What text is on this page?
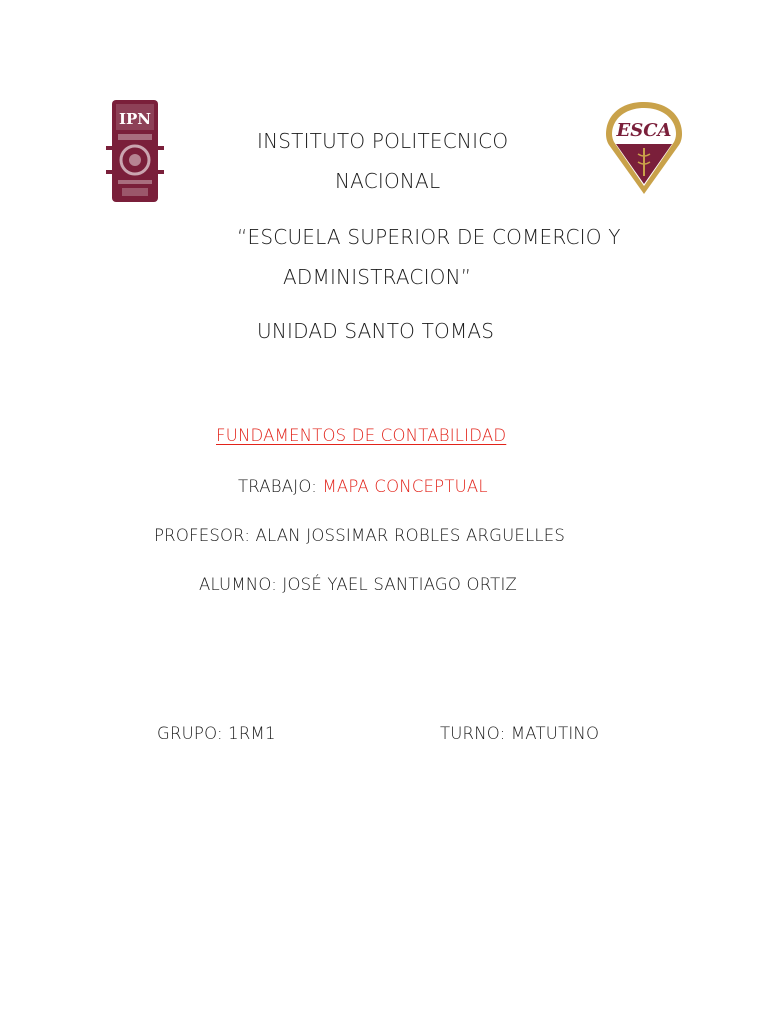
IPN
ESCA
INSTITUTO POLITECNICO
NACIONAL
“ESCUELA SUPERIOR DE COMERCIO Y
ADMINISTRACION”
UNIDAD SANTO TOMAS
FUNDAMENTOS DE CONTABILIDAD
TRABAJO: MAPA CONCEPTUAL
PROFESOR: ALAN JOSSIMAR ROBLES ARGUELLES
ALUMNO: JOSÉ YAEL SANTIAGO ORTIZ
GRUPO: 1RM1	TURNO: MATUTINO
